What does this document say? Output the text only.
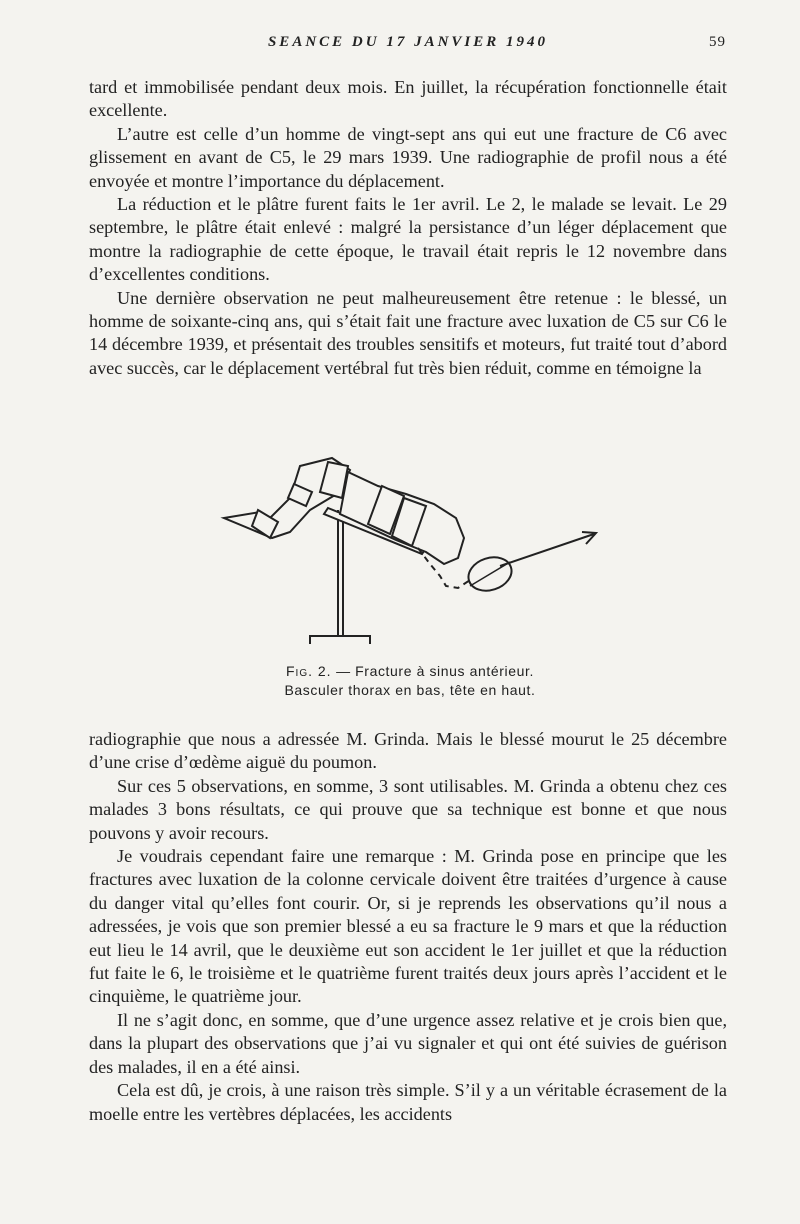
SEANCE DU 17 JANVIER 1940	59

tard et immobilisée pendant deux mois. En juillet, la récupération fonctionnelle était excellente.

L’autre est celle d’un homme de vingt-sept ans qui eut une fracture de C6 avec glissement en avant de C5, le 29 mars 1939. Une radiographie de profil nous a été envoyée et montre l’importance du déplacement.

La réduction et le plâtre furent faits le 1er avril. Le 2, le malade se levait. Le 29 septembre, le plâtre était enlevé : malgré la persistance d’un léger déplacement que montre la radiographie de cette époque, le travail était repris le 12 novembre dans d’excellentes conditions.

Une dernière observation ne peut malheureusement être retenue : le blessé, un homme de soixante-cinq ans, qui s’était fait une fracture avec luxation de C5 sur C6 le 14 décembre 1939, et présentait des troubles sensitifs et moteurs, fut traité tout d’abord avec succès, car le déplacement vertébral fut très bien réduit, comme en témoigne la

Fig. 2. — Fracture à sinus antérieur.
Basculer thorax en bas, tête en haut.

radiographie que nous a adressée M. Grinda. Mais le blessé mourut le 25 décembre d’une crise d’œdème aiguë du poumon.

Sur ces 5 observations, en somme, 3 sont utilisables. M. Grinda a obtenu chez ces malades 3 bons résultats, ce qui prouve que sa technique est bonne et que nous pouvons y avoir recours.

Je voudrais cependant faire une remarque : M. Grinda pose en principe que les fractures avec luxation de la colonne cervicale doivent être traitées d’urgence à cause du danger vital qu’elles font courir. Or, si je reprends les observations qu’il nous a adressées, je vois que son premier blessé a eu sa fracture le 9 mars et que la réduction eut lieu le 14 avril, que le deuxième eut son accident le 1er juillet et que la réduction fut faite le 6, le troisième et le quatrième furent traités deux jours après l’accident et le cinquième, le quatrième jour.

Il ne s’agit donc, en somme, que d’une urgence assez relative et je crois bien que, dans la plupart des observations que j’ai vu signaler et qui ont été suivies de guérison des malades, il en a été ainsi.

Cela est dû, je crois, à une raison très simple. S’il y a un véritable écrasement de la moelle entre les vertèbres déplacées, les accidents
